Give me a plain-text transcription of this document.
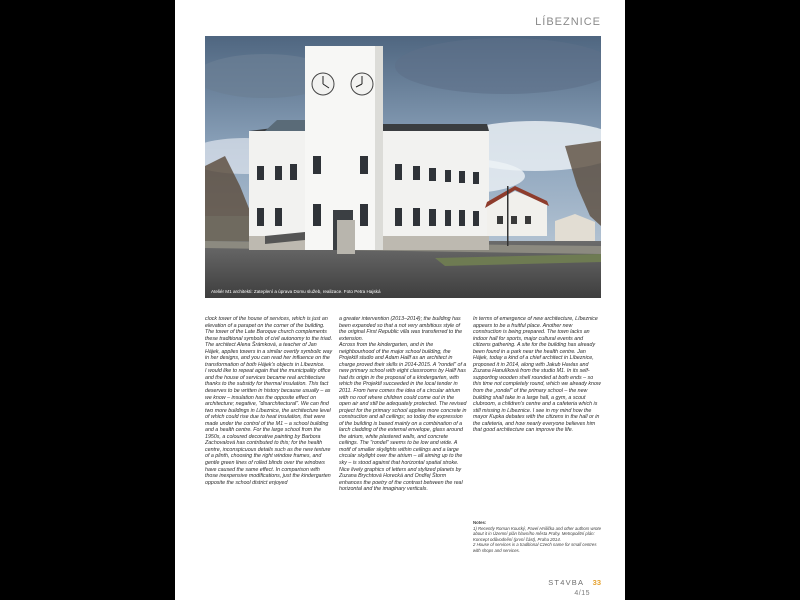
LÍBEZNICE
Ateliér M1 architekti: Zateplení a úprava Domu služeb, realizace. Foto Petra Hajská

clock tower of the house of services, which is just an elevation of a parapet on the corner of the building. The tower of the Late Baroque church complements these traditional symbols of civil autonomy to the triad. The architect Alena Šrámková, a teacher of Jan Hájek, applies towers in a similar overtly symbolic way in her designs, and you can read her influence on the transformation of both Hájek's objects in Líbeznice.

I would like to repeat again that the municipality office and the house of services became real architecture thanks to the subsidy for thermal insulation. This fact deserves to be written in history because usually – as we know – insulation has the opposite effect on architecture; negative, "disarchitectural". We can find two more buildings in Líbeznice, the architecture level of which could rise due to heat insulation, that were made under the control of the M1 – a school building and a health centre. For the large school from the 1950s, a coloured decorative painting by Barbora Zachovalová has contributed to this; for the health centre, inconspicuous details such as the new texture of a plinth, choosing the right window frames, and gentle green lines of rolled blinds over the windows have caused the same effect. In comparison with those inexpensive modifications, just the kindergarten opposite the school district enjoyed

a greater intervention (2013–2014); the building has been expanded so that a not very ambitious style of the original First Republic villa was transferred to the extension.

Across from the kindergarten, and in the neighbourhood of the major school building, the Projektil studio and Adam Hallf as an architect in charge proved their skills in 2014-2015. A "rondel" of a new primary school with eight classrooms by Hallf has had its origin in the proposal of a kindergarten, with which the Projektil succeeded in the local tender in 2011. From here comes the idea of a circular atrium with no roof where children could come out in the open air and still be adequately protected. The revised project for the primary school applies more concrete in construction and all ceilings; so today the expression of the building is based mainly on a combination of a larch cladding of the external envelope, glass around the atrium, white plastered walls, and concrete ceilings. The "rondel" seems to be low and wide. A motif of smaller skylights within ceilings and a large circular skylight over the atrium – all aiming up to the sky – is stood against that horizontal spatial stroke. Nice lively graphics of letters and stylized planets by Zuzana Brychtová Horecká and Ondřej Štorm enhances the poetry of the contrast between the real horizontal and the imaginary verticals.

In terms of emergence of new architecture, Líbeznice appears to be a fruitful place. Another new construction is being prepared. The town lacks an indoor hall for sports, major cultural events and citizens gathering. A site for the building has already been found in a park near the health centre. Jan Hájek, today a kind of a chief architect in Líbeznice, proposed it in 2014, along with Jakub Havlas and Zuzana Hanulíková from the studio M1. In its self-supporting wooden shell rounded at both ends – so this time not completely round, which we already know from the „rondel" of the primary school – the new building shall take in a large hall, a gym, a scout clubroom, a children's centre and a cafeteria which is still missing in Líbeznice. I see in my mind how the mayor Kupka debates with the citizens in the hall or in the cafeteria, and how nearly everyone believes him that good architecture can improve the life.

Notes:

1) Recently Roman Koucký, Pavel Hnilička and other authors wrote about it in Územní plán hlavního města Prahy. Metropolitní plán: Koncept odůvodnění (první část), Praha 2014.

2 House of services is a traditional Czech name for small centres with shops and services.

ST4VBA 33
4/15
